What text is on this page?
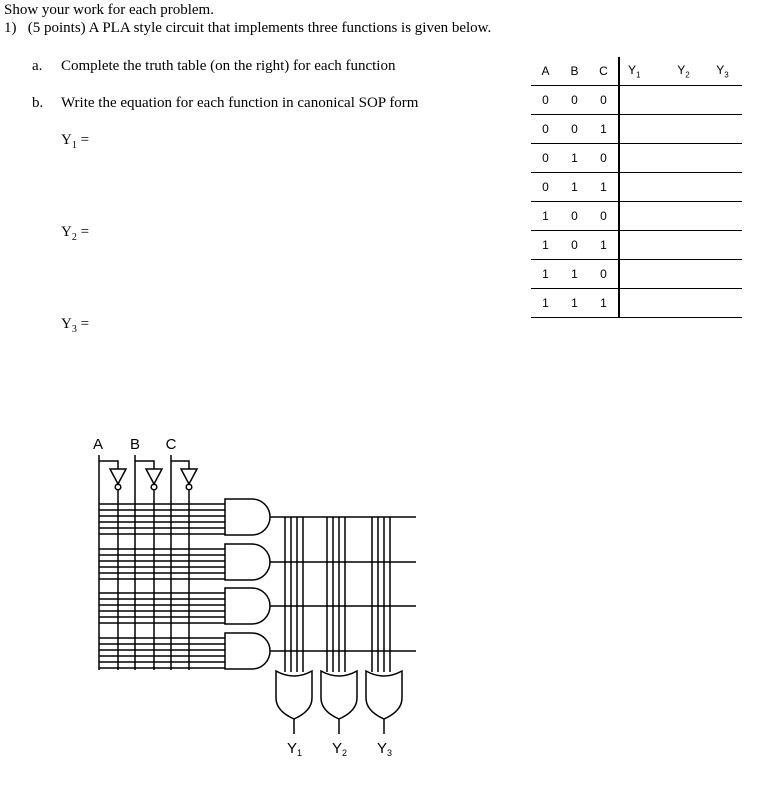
Show your work for each problem.
1) (5 points) A PLA style circuit that implements three functions is given below.
a. Complete the truth table (on the right) for each function
b. Write the equation for each function in canonical SOP form
$Y_1$ =
$Y_2$ =
$Y_3$ =
A	B	C	$Y_1$	$Y_2$	$Y_3$
0	0	0			
0	0	1			
0	1	0			
0	1	1			
1	0	0			
1	0	1			
1	1	0			
1	1	1			
A B C
$Y_1$ $Y_2$ $Y_3$
